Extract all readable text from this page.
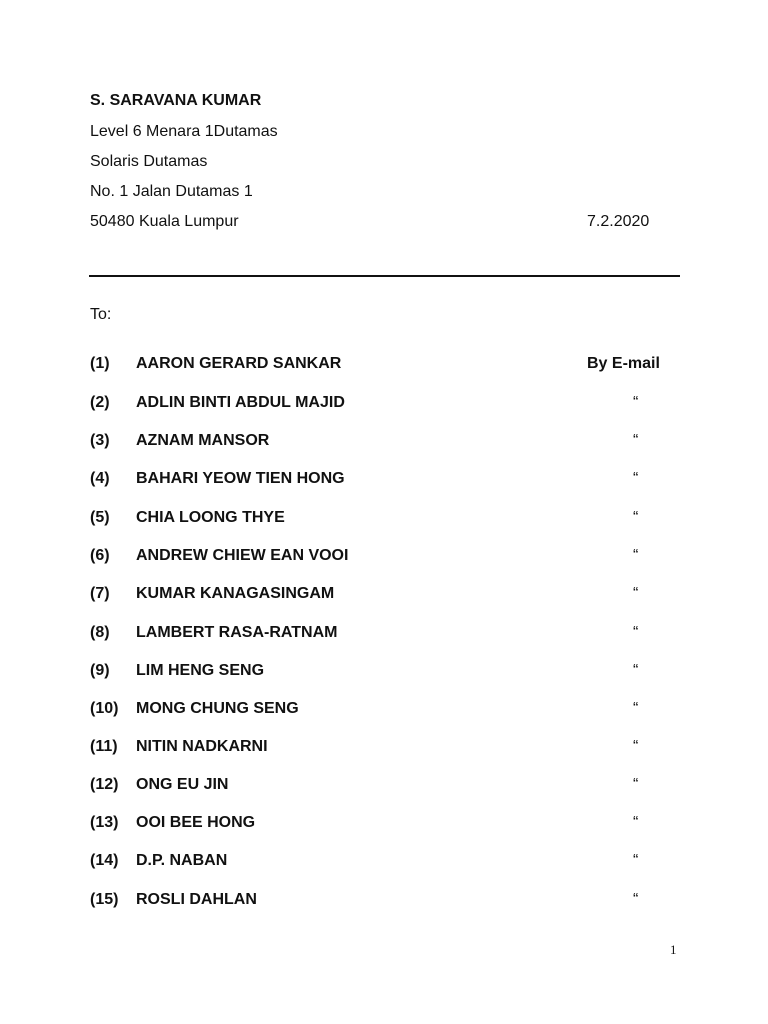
S. SARAVANA KUMAR
Level 6 Menara 1Dutamas
Solaris Dutamas
No. 1 Jalan Dutamas 1
50480 Kuala Lumpur	7.2.2020
To:
(1) AARON GERARD SANKAR	By E-mail
(2) ADLIN BINTI ABDUL MAJID	“
(3) AZNAM MANSOR	“
(4) BAHARI YEOW TIEN HONG	“
(5) CHIA LOONG THYE	“
(6) ANDREW CHIEW EAN VOOI	“
(7) KUMAR KANAGASINGAM	“
(8) LAMBERT RASA-RATNAM	“
(9) LIM HENG SENG	“
(10) MONG CHUNG SENG	“
(11) NITIN NADKARNI	“
(12) ONG EU JIN	“
(13) OOI BEE HONG	“
(14) D.P. NABAN	“
(15) ROSLI DAHLAN	“
1
